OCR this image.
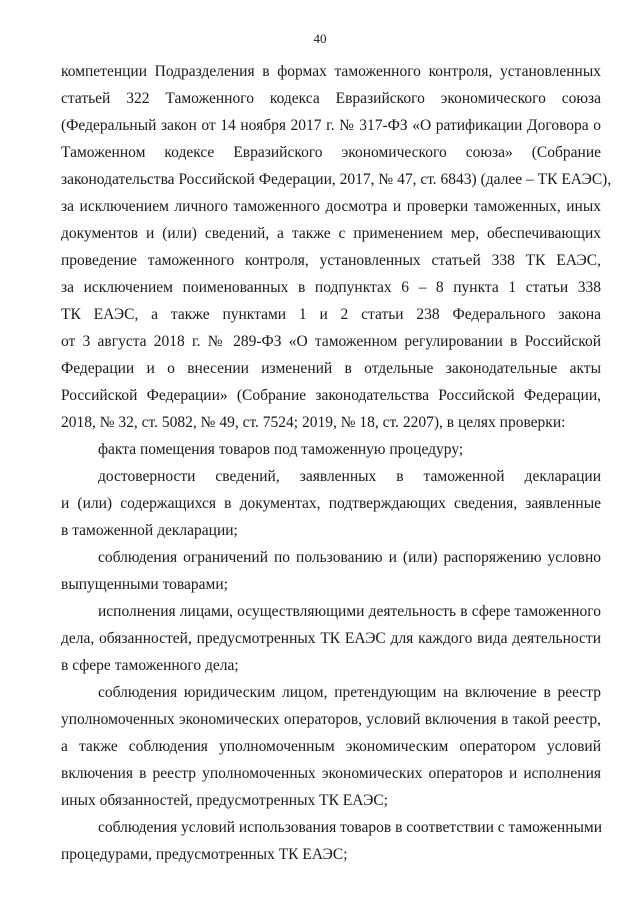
40
компетенции Подразделения в формах таможенного контроля, установленных
статьей 322 Таможенного кодекса Евразийского экономического союза
(Федеральный закон от 14 ноября 2017 г. № 317-ФЗ «О ратификации Договора о
Таможенном кодексе Евразийского экономического союза» (Собрание
законодательства Российской Федерации, 2017, № 47, ст. 6843) (далее – ТК ЕАЭС),
за исключением личного таможенного досмотра и проверки таможенных, иных
документов и (или) сведений, а также с применением мер, обеспечивающих
проведение таможенного контроля, установленных статьей 338 ТК ЕАЭС,
за исключением поименованных в подпунктах 6 – 8 пункта 1 статьи 338
ТК ЕАЭС, а также пунктами 1 и 2 статьи 238 Федерального закона
от 3 августа 2018 г. № 289-ФЗ «О таможенном регулировании в Российской
Федерации и о внесении изменений в отдельные законодательные акты
Российской Федерации» (Собрание законодательства Российской Федерации,
2018, № 32, ст. 5082, № 49, ст. 7524; 2019, № 18, ст. 2207), в целях проверки:
факта помещения товаров под таможенную процедуру;
достоверности сведений, заявленных в таможенной декларации
и (или) содержащихся в документах, подтверждающих сведения, заявленные
в таможенной декларации;
соблюдения ограничений по пользованию и (или) распоряжению условно
выпущенными товарами;
исполнения лицами, осуществляющими деятельность в сфере таможенного
дела, обязанностей, предусмотренных ТК ЕАЭС для каждого вида деятельности
в сфере таможенного дела;
соблюдения юридическим лицом, претендующим на включение в реестр
уполномоченных экономических операторов, условий включения в такой реестр,
а также соблюдения уполномоченным экономическим оператором условий
включения в реестр уполномоченных экономических операторов и исполнения
иных обязанностей, предусмотренных ТК ЕАЭС;
соблюдения условий использования товаров в соответствии с таможенными
процедурами, предусмотренных ТК ЕАЭС;
